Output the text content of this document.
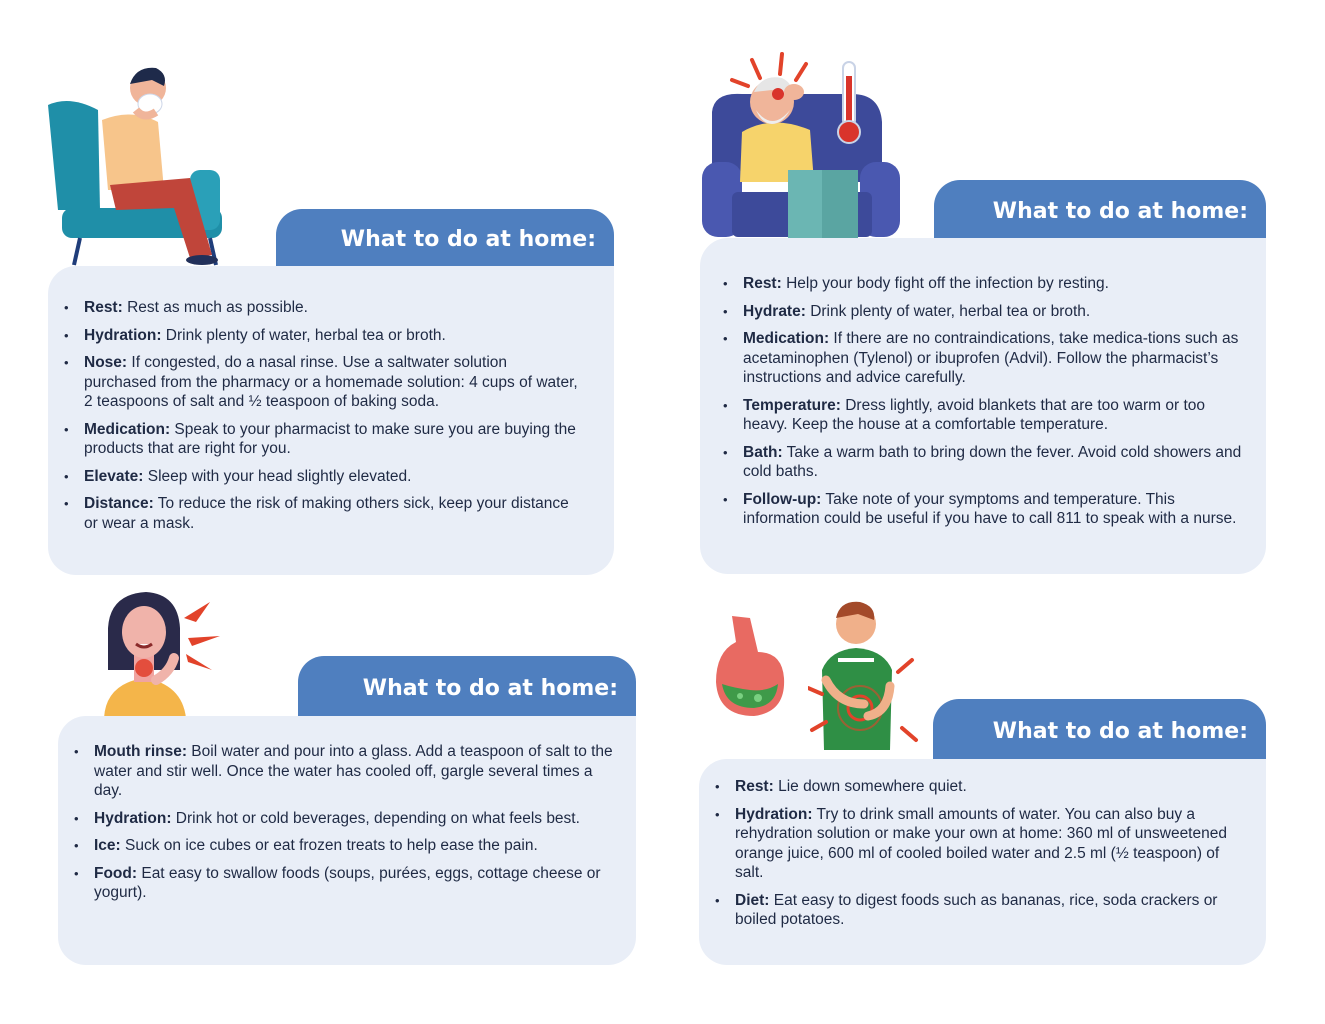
What to do at home:
• Rest: Rest as much as possible.
• Hydration: Drink plenty of water, herbal tea or broth.
• Nose: If congested, do a nasal rinse. Use a saltwater solution purchased from the pharmacy or a homemade solution: 4 cups of water, 2 teaspoons of salt and ½ teaspoon of baking soda.
• Medication: Speak to your pharmacist to make sure you are buying the products that are right for you.
• Elevate: Sleep with your head slightly elevated.
• Distance: To reduce the risk of making others sick, keep your distance or wear a mask.
What to do at home:
• Rest: Help your body fight off the infection by resting.
• Hydrate: Drink plenty of water, herbal tea or broth.
• Medication: If there are no contraindications, take medica-tions such as acetaminophen (Tylenol) or ibuprofen (Advil). Follow the pharmacist’s instructions and advice carefully.
• Temperature: Dress lightly, avoid blankets that are too warm or too heavy. Keep the house at a comfortable temperature.
• Bath: Take a warm bath to bring down the fever. Avoid cold showers and cold baths.
• Follow-up: Take note of your symptoms and temperature. This information could be useful if you have to call 811 to speak with a nurse.
What to do at home:
• Mouth rinse: Boil water and pour into a glass. Add a teaspoon of salt to the water and stir well. Once the water has cooled off, gargle several times a day.
• Hydration: Drink hot or cold beverages, depending on what feels best.
• Ice: Suck on ice cubes or eat frozen treats to help ease the pain.
• Food: Eat easy to swallow foods (soups, purées, eggs, cottage cheese or yogurt).
What to do at home:
• Rest: Lie down somewhere quiet.
• Hydration: Try to drink small amounts of water. You can also buy a rehydration solution or make your own at home: 360 ml of unsweetened orange juice, 600 ml of cooled boiled water and 2.5 ml (½ teaspoon) of salt.
• Diet: Eat easy to digest foods such as bananas, rice, soda crackers or boiled potatoes.
